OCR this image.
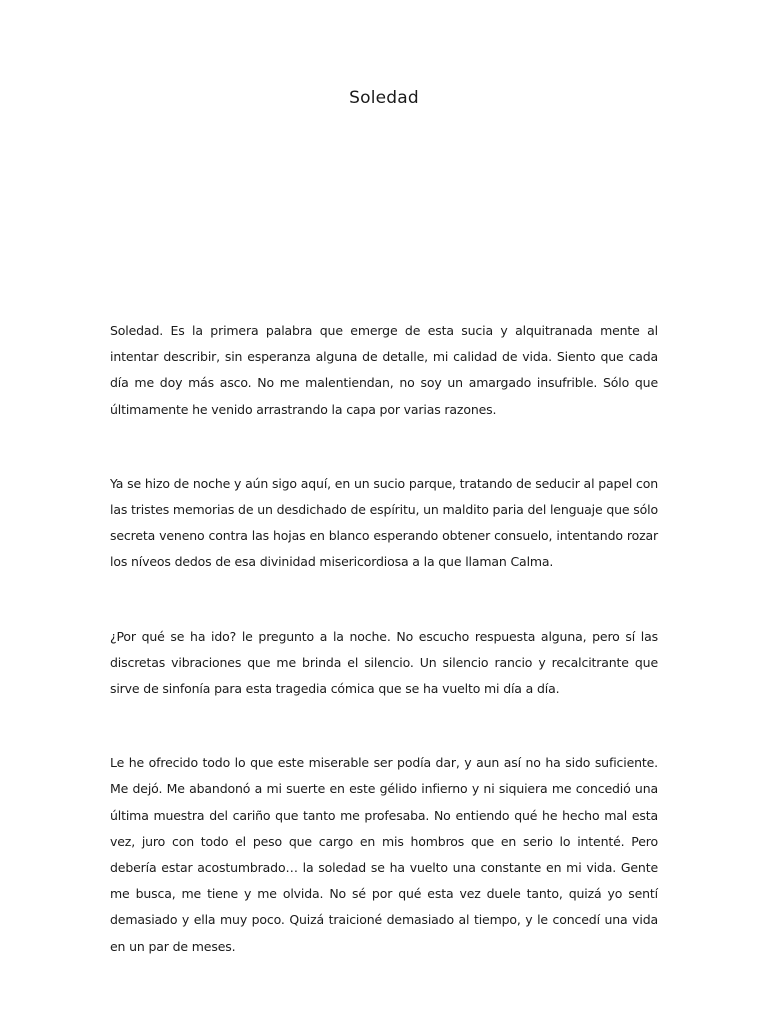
Soledad

Soledad. Es la primera palabra que emerge de esta sucia y alquitranada mente al intentar describir, sin esperanza alguna de detalle, mi calidad de vida. Siento que cada día me doy más asco. No me malentiendan, no soy un amargado insufrible. Sólo que últimamente he venido arrastrando la capa por varias razones.

Ya se hizo de noche y aún sigo aquí, en un sucio parque, tratando de seducir al papel con las tristes memorias de un desdichado de espíritu, un maldito paria del lenguaje que sólo secreta veneno contra las hojas en blanco esperando obtener consuelo, intentando rozar los níveos dedos de esa divinidad misericordiosa a la que llaman Calma.

¿Por qué se ha ido? le pregunto a la noche. No escucho respuesta alguna, pero sí las discretas vibraciones que me brinda el silencio. Un silencio rancio y recalcitrante que sirve de sinfonía para esta tragedia cómica que se ha vuelto mi día a día.

Le he ofrecido todo lo que este miserable ser podía dar, y aun así no ha sido suficiente. Me dejó. Me abandonó a mi suerte en este gélido infierno y ni siquiera me concedió una última muestra del cariño que tanto me profesaba. No entiendo qué he hecho mal esta vez, juro con todo el peso que cargo en mis hombros que en serio lo intenté. Pero debería estar acostumbrado… la soledad se ha vuelto una constante en mi vida. Gente me busca, me tiene y me olvida. No sé por qué esta vez duele tanto, quizá yo sentí demasiado y ella muy poco. Quizá traicioné demasiado al tiempo, y le concedí una vida en un par de meses.
